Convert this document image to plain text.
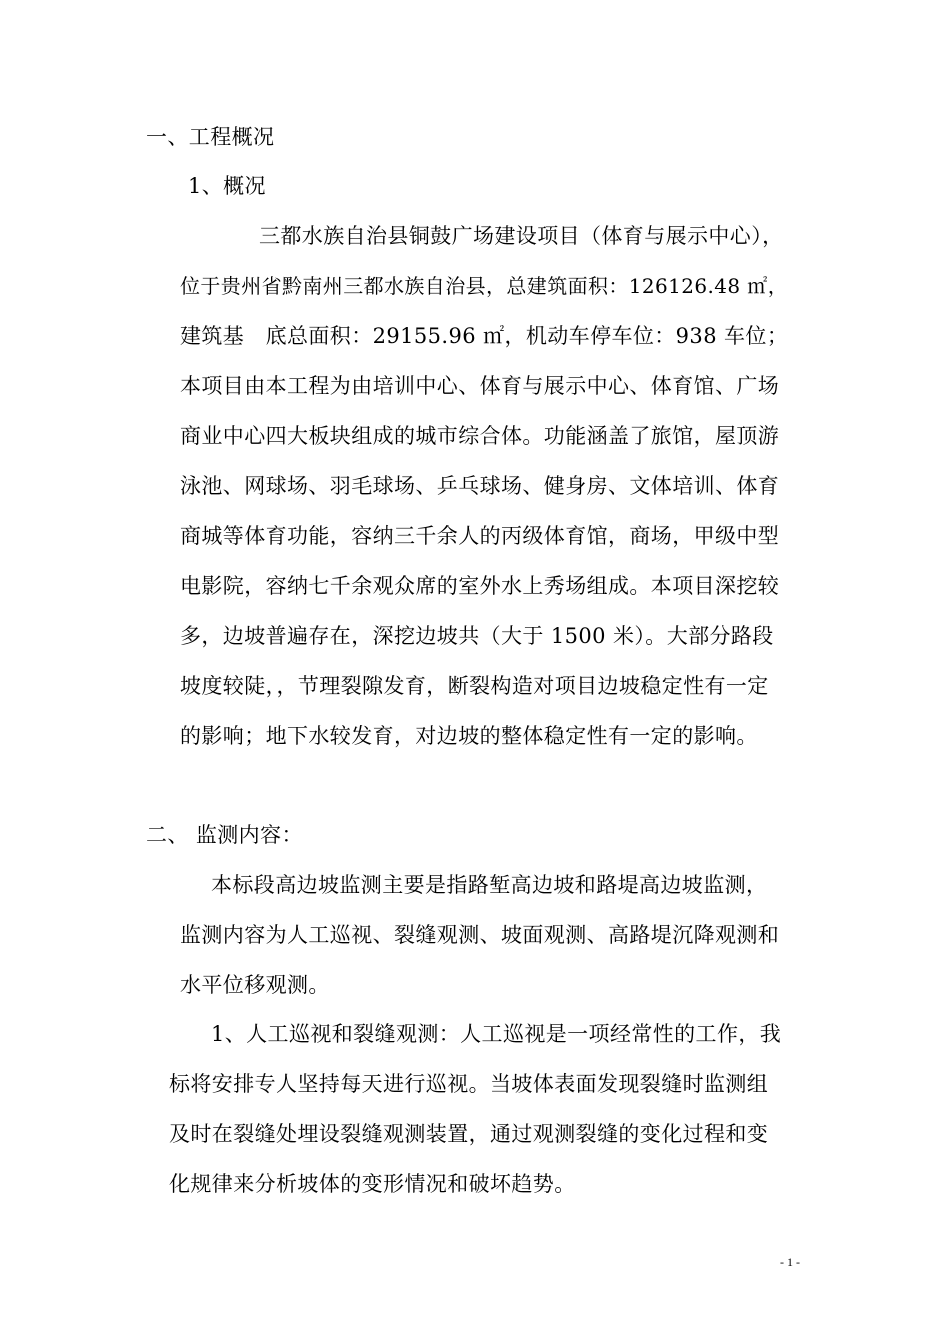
一、工程概况
1、概况
三都水族自治县铜鼓广场建设项目（体育与展示中心），
位于贵州省黔南州三都水族自治县，总建筑面积：126126.48 ㎡，
建筑基　底总面积：29155.96 ㎡，机动车停车位：938 车位；
本项目由本工程为由培训中心、体育与展示中心、体育馆、广场
商业中心四大板块组成的城市综合体。功能涵盖了旅馆，屋顶游
泳池、网球场、羽毛球场、乒乓球场、健身房、文体培训、体育
商城等体育功能，容纳三千余人的丙级体育馆，商场，甲级中型
电影院，容纳七千余观众席的室外水上秀场组成。本项目深挖较
多，边坡普遍存在，深挖边坡共（大于 1500 米）。大部分路段
坡度较陡，，节理裂隙发育，断裂构造对项目边坡稳定性有一定
的影响；地下水较发育，对边坡的整体稳定性有一定的影响。
二、 监测内容：
本标段高边坡监测主要是指路堑高边坡和路堤高边坡监测，
监测内容为人工巡视、裂缝观测、坡面观测、高路堤沉降观测和
水平位移观测。
1、人工巡视和裂缝观测：人工巡视是一项经常性的工作，我
标将安排专人坚持每天进行巡视。当坡体表面发现裂缝时监测组
及时在裂缝处埋设裂缝观测装置，通过观测裂缝的变化过程和变
化规律来分析坡体的变形情况和破坏趋势。
- 1 -
